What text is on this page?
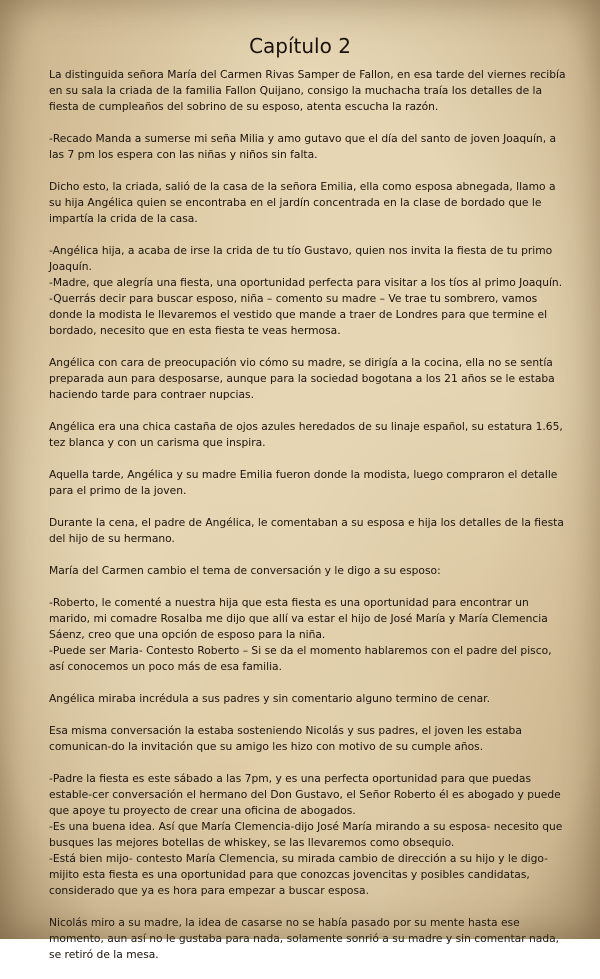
Capítulo 2

La distinguida señora María del Carmen Rivas Samper de Fallon, en esa tarde del viernes recibía en su sala la criada de la familia Fallon Quijano, consigo la muchacha traía los detalles de la fiesta de cumpleaños del sobrino de su esposo, atenta escucha la razón.

-Recado Manda a sumerse mi seña Milia y amo gutavo que el día del santo de joven Joaquín, a las 7 pm los espera con las niñas y niños sin falta.

Dicho esto, la criada, salió de la casa de la señora Emilia, ella como esposa abnegada, llamo a su hija Angélica quien se encontraba en el jardín concentrada en la clase de bordado que le impartía la crida de la casa.

-Angélica hija, a acaba de irse la crida de tu tío Gustavo, quien nos invita la fiesta de tu primo Joaquín.
-Madre, que alegría una fiesta, una oportunidad perfecta para visitar a los tíos al primo Joaquín.
-Querrás decir para buscar esposo, niña – comento su madre – Ve trae tu sombrero, vamos donde la modista le llevaremos el vestido que mande a traer de Londres para que termine el bordado, necesito que en esta fiesta te veas hermosa.

Angélica con cara de preocupación vio cómo su madre, se dirigía a la cocina, ella no se sentía preparada aun para desposarse, aunque para la sociedad bogotana a los 21 años se le estaba haciendo tarde para contraer nupcias.

Angélica era una chica castaña de ojos azules heredados de su linaje español, su estatura 1.65, tez blanca y con un carisma que inspira.

Aquella tarde, Angélica y su madre Emilia fueron donde la modista, luego compraron el detalle para el primo de la joven.

Durante la cena, el padre de Angélica, le comentaban a su esposa e hija los detalles de la fiesta del hijo de su hermano.

María del Carmen cambio el tema de conversación y le digo a su esposo:

-Roberto, le comenté a nuestra hija que esta fiesta es una oportunidad para encontrar un marido, mi comadre Rosalba me dijo que allí va estar el hijo de José María y María Clemencia Sáenz, creo que una opción de esposo para la niña.
-Puede ser Maria- Contesto Roberto – Si se da el momento hablaremos con el padre del pisco, así conocemos un poco más de esa familia.

Angélica miraba incrédula a sus padres y sin comentario alguno termino de cenar.

Esa misma conversación la estaba sosteniendo Nicolás y sus padres, el joven les estaba comunican-do la invitación que su amigo les hizo con motivo de su cumple años.

-Padre la fiesta es este sábado a las 7pm, y es una perfecta oportunidad para que puedas estable-cer conversación el hermano del Don Gustavo, el Señor Roberto él es abogado y puede que apoye tu proyecto de crear una oficina de abogados.
-Es una buena idea. Así que María Clemencia-dijo José María mirando a su esposa- necesito que busques las mejores botellas de whiskey, se las llevaremos como obsequio.
-Está bien mijo- contesto María Clemencia, su mirada cambio de dirección a su hijo y le digo- mijito esta fiesta es una oportunidad para que conozcas jovencitas y posibles candidatas, considerado que ya es hora para empezar a buscar esposa.

Nicolás miro a su madre, la idea de casarse no se había pasado por su mente hasta ese momento, aun así no le gustaba para nada, solamente sonrió a su madre y sin comentar nada, se retiró de la mesa.
